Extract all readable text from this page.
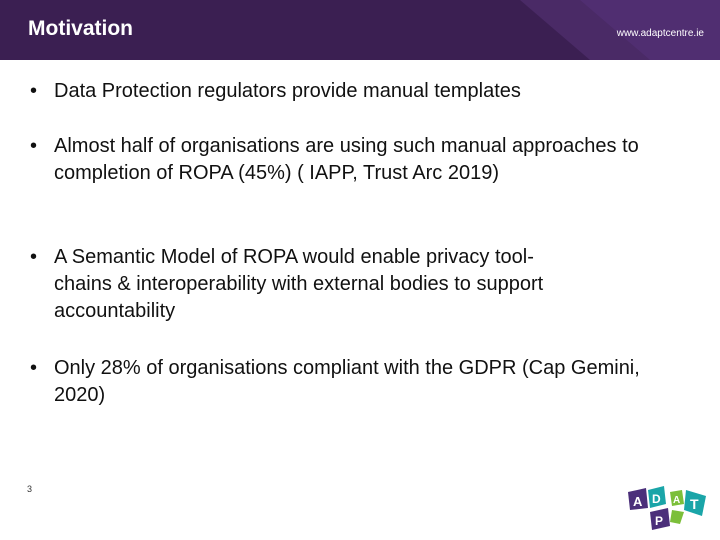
Motivation	www.adaptcentre.ie
• Data Protection regulators provide manual templates
• Almost half of organisations are using such manual approaches to completion of ROPA (45%) ( IAPP, Trust Arc 2019)
• A Semantic Model of ROPA would enable privacy tool-chains & interoperability with external bodies to support accountability
• Only 28% of organisations compliant with the GDPR (Cap Gemini, 2020)
3
A D A
P
T
